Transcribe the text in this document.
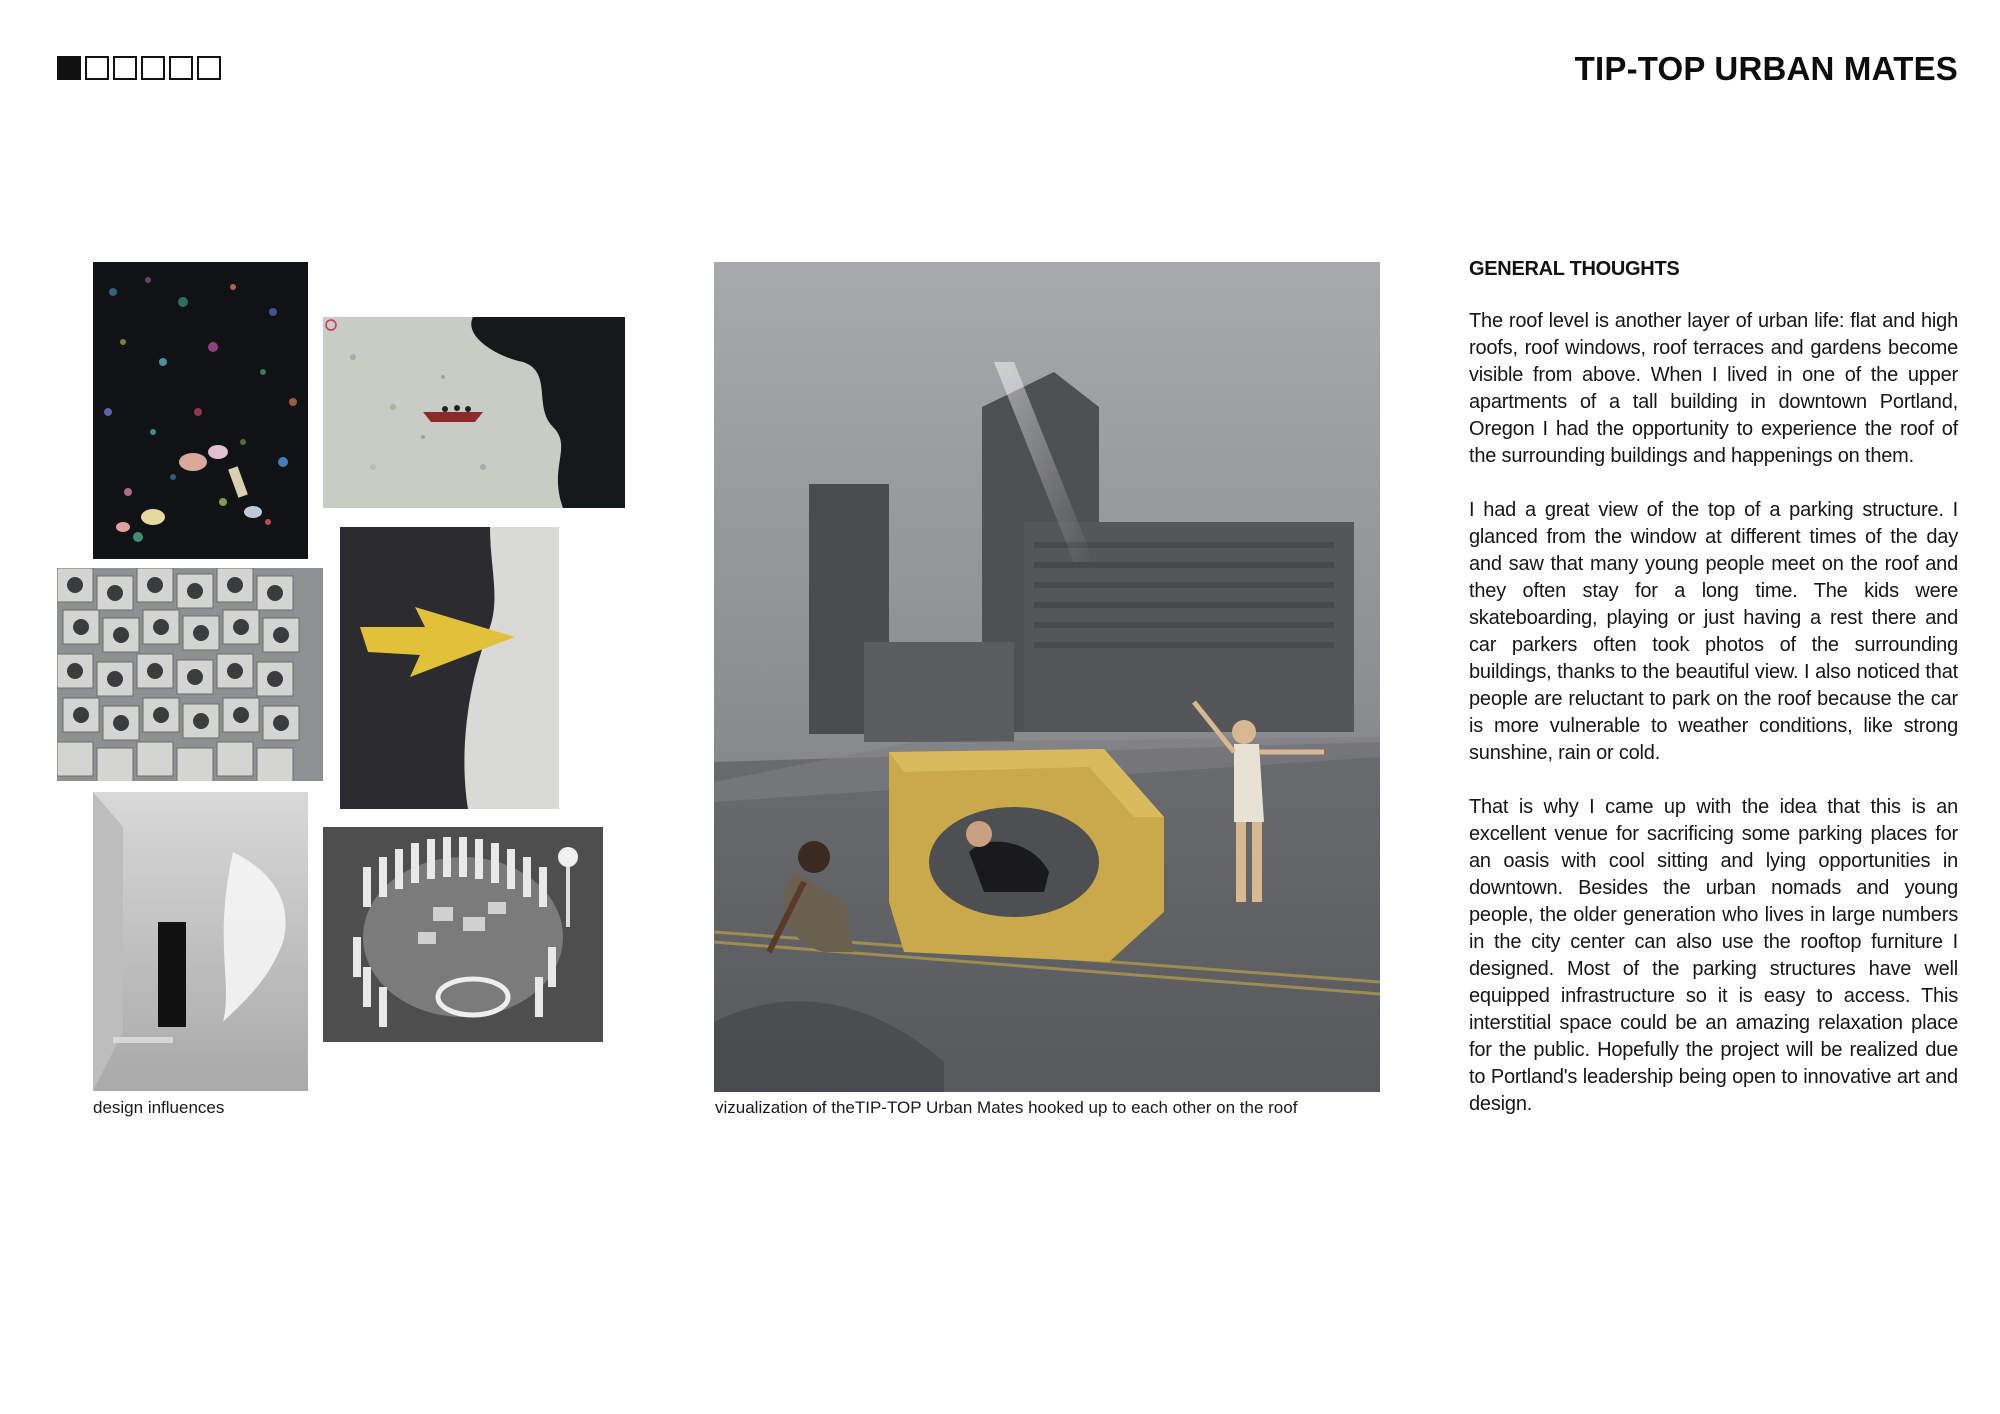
TIP-TOP URBAN MATES

design influences	vizualization of theTIP-TOP Urban Mates hooked up to each other on the roof

GENERAL THOUGHTS

The roof level is another layer of urban life: flat and high roofs, roof windows, roof terraces and gardens become visible from above. When I lived in one of the upper apartments of a tall building in downtown Portland, Oregon I had the opportunity to experience the roof of the surrounding buildings and happenings on them.

I had a great view of the top of a parking structure. I glanced from the window at different times of the day and saw that many young people meet on the roof and they often stay for a long time. The kids were skateboarding, playing or just having a rest there and car parkers often took photos of the surrounding buildings, thanks to the beautiful view. I also noticed that people are reluctant to park on the roof because the car is more vulnerable to weather conditions, like strong sunshine, rain or cold.

That is why I came up with the idea that this is an excellent venue for sacrificing some parking places for an oasis with cool sitting and lying opportunities in downtown. Besides the urban nomads and young people, the older generation who lives in large numbers in the city center can also use the rooftop furniture I designed. Most of the parking structures have well equipped infrastructure so it is easy to access. This interstitial space could be an amazing relaxation place for the public. Hopefully the project will be realized due to Portland's leadership being open to innovative art and design.
